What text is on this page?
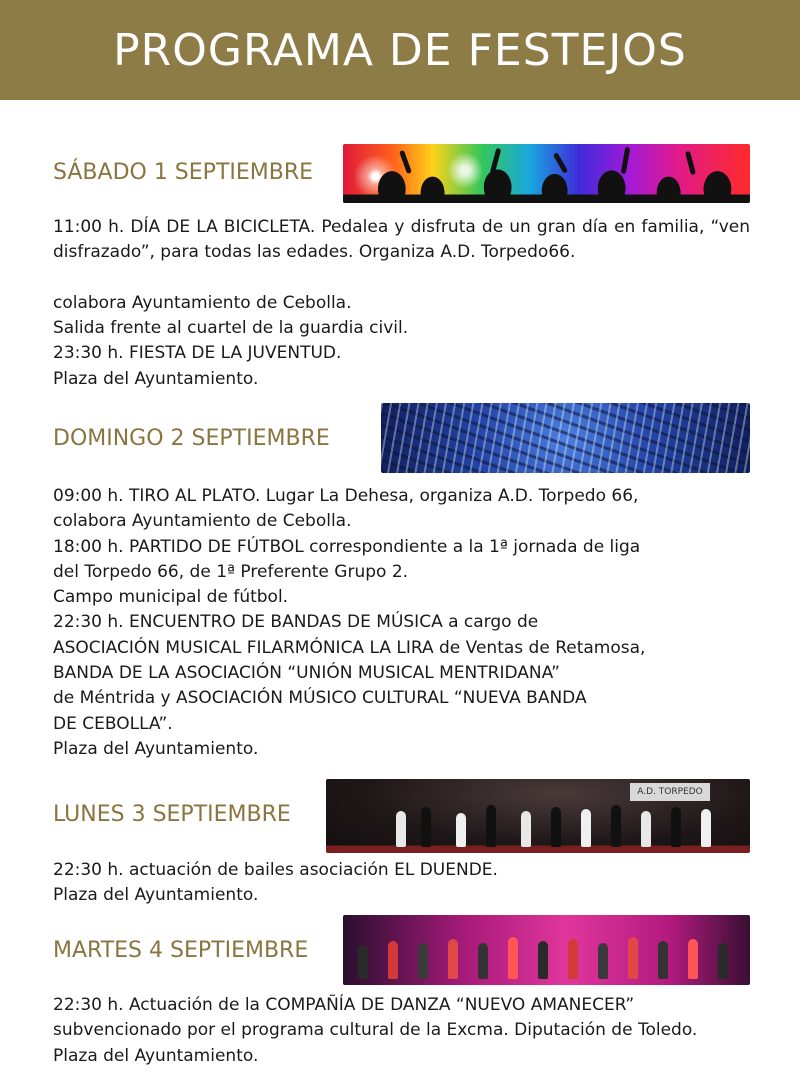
PROGRAMA DE FESTEJOS
SÁBADO 1 SEPTIEMBRE
11:00 h. DÍA DE LA BICICLETA. Pedalea y disfruta de un gran día en familia, “ven disfrazado”, para todas las edades. Organiza A.D. Torpedo66.
colabora Ayuntamiento de Cebolla.
Salida frente al cuartel de la guardia civil.
23:30 h. FIESTA DE LA JUVENTUD.
Plaza del Ayuntamiento.
DOMINGO 2 SEPTIEMBRE
09:00 h. TIRO AL PLATO. Lugar La Dehesa, organiza A.D. Torpedo 66,
colabora Ayuntamiento de Cebolla.
18:00 h. PARTIDO DE FÚTBOL correspondiente a la 1ª jornada de liga
del Torpedo 66, de 1ª Preferente Grupo 2.
Campo municipal de fútbol.
22:30 h. ENCUENTRO DE BANDAS DE MÚSICA a cargo de
ASOCIACIÓN MUSICAL FILARMÓNICA LA LIRA de Ventas de Retamosa,
BANDA DE LA ASOCIACIÓN “UNIÓN MUSICAL MENTRIDANA”
de Méntrida y ASOCIACIÓN MÚSICO CULTURAL “NUEVA BANDA
DE CEBOLLA”.
Plaza del Ayuntamiento.
LUNES 3 SEPTIEMBRE
A.D. TORPEDO
22:30 h. actuación de bailes asociación EL DUENDE.
Plaza del Ayuntamiento.
MARTES 4 SEPTIEMBRE
22:30 h. Actuación de la COMPAÑÍA DE DANZA “NUEVO AMANECER”
subvencionado por el programa cultural de la Excma. Diputación de Toledo.
Plaza del Ayuntamiento.
